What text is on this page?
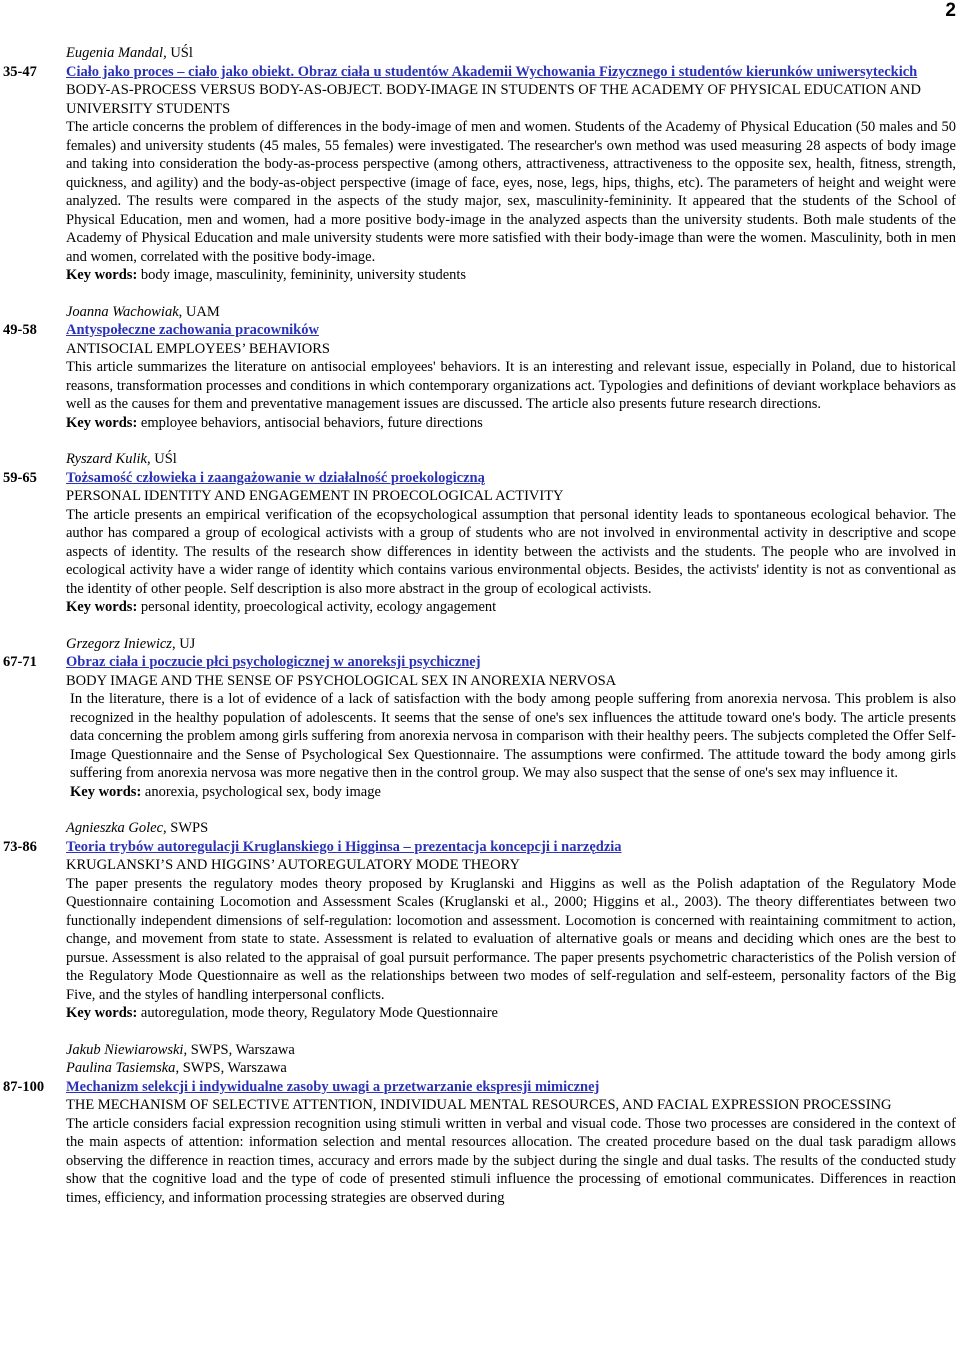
2
Eugenia Mandal, UŚl
35-47 Ciało jako proces – ciało jako obiekt. Obraz ciała u studentów Akademii Wychowania Fizycznego i studentów kierunków uniwersyteckich
BODY-AS-PROCESS VERSUS BODY-AS-OBJECT. BODY-IMAGE IN STUDENTS OF THE ACADEMY OF PHYSICAL EDUCATION AND UNIVERSITY STUDENTS

The article concerns the problem of differences in the body-image of men and women. Students of the Academy of Physical Education (50 males and 50 females) and university students (45 males, 55 females) were investigated. The researcher's own method was used measuring 28 aspects of body image and taking into consideration the body-as-process perspective (among others, attractiveness, attractiveness to the opposite sex, health, fitness, strength, quickness, and agility) and the body-as-object perspective (image of face, eyes, nose, legs, hips, thighs, etc). The parameters of height and weight were analyzed. The results were compared in the aspects of the study major, sex, masculinity-femininity. It appeared that the students of the School of Physical Education, men and women, had a more positive body-image in the analyzed aspects than the university students. Both male students of the Academy of Physical Education and male university students were more satisfied with their body-image than were the women. Masculinity, both in men and women, correlated with the positive body-image.

Key words: body image, masculinity, femininity, university students
Joanna Wachowiak, UAM
49-58 Antyspołeczne zachowania pracowników
ANTISOCIAL EMPLOYEES’ BEHAVIORS

This article summarizes the literature on antisocial employees' behaviors. It is an interesting and relevant issue, especially in Poland, due to historical reasons, transformation processes and conditions in which contemporary organizations act. Typologies and definitions of deviant workplace behaviors as well as the causes for them and preventative management issues are discussed. The article also presents future research directions.

Key words: employee behaviors, antisocial behaviors, future directions
Ryszard Kulik, UŚl
59-65 Tożsamość człowieka i zaangażowanie w działalność proekologiczną
PERSONAL IDENTITY AND ENGAGEMENT IN PROECOLOGICAL ACTIVITY

The article presents an empirical verification of the ecopsychological assumption that personal identity leads to spontaneous ecological behavior. The author has compared a group of ecological activists with a group of students who are not involved in environmental activity in descriptive and scope aspects of identity. The results of the research show differences in identity between the activists and the students. The people who are involved in ecological activity have a wider range of identity which contains various environmental objects. Besides, the activists' identity is not as conventional as the identity of other people. Self description is also more abstract in the group of ecological activists.

Key words: personal identity, proecological activity, ecology angagement
Grzegorz Iniewicz, UJ
67-71 Obraz ciała i poczucie płci psychologicznej w anoreksji psychicznej
BODY IMAGE AND THE SENSE OF PSYCHOLOGICAL SEX IN ANOREXIA NERVOSA

In the literature, there is a lot of evidence of a lack of satisfaction with the body among people suffering from anorexia nervosa. This problem is also recognized in the healthy population of adolescents. It seems that the sense of one's sex influences the attitude toward one's body. The article presents data concerning the problem among girls suffering from anorexia nervosa in comparison with their healthy peers. The subjects completed the Offer Self-Image Questionnaire and the Sense of Psychological Sex Questionnaire. The assumptions were confirmed. The attitude toward the body among girls suffering from anorexia nervosa was more negative then in the control group. We may also suspect that the sense of one's sex may influence it.

Key words: anorexia, psychological sex, body image
Agnieszka Golec, SWPS
73-86 Teoria trybów autoregulacji Kruglanskiego i Higginsa – prezentacja koncepcji i narzędzia
KRUGLANSKI’S AND HIGGINS’ AUTOREGULATORY MODE THEORY

The paper presents the regulatory modes theory proposed by Kruglanski and Higgins as well as the Polish adaptation of the Regulatory Mode Questionnaire containing Locomotion and Assessment Scales (Kruglanski et al., 2000; Higgins et al., 2003). The theory differentiates between two functionally independent dimensions of self-regulation: locomotion and assessment. Locomotion is concerned with reaintaining commitment to action, change, and movement from state to state. Assessment is related to evaluation of alternative goals or means and deciding which ones are the best to pursue. Assessment is also related to the appraisal of goal pursuit performance. The paper presents psychometric characteristics of the Polish version of the Regulatory Mode Questionnaire as well as the relationships between two modes of self-regulation and self-esteem, personality factors of the Big Five, and the styles of handling interpersonal conflicts.

Key words: autoregulation, mode theory, Regulatory Mode Questionnaire
Jakub Niewiarowski, SWPS, Warszawa
Paulina Tasiemska, SWPS, Warszawa
87-100 Mechanizm selekcji i indywidualne zasoby uwagi a przetwarzanie ekspresji mimicznej
THE MECHANISM OF SELECTIVE ATTENTION, INDIVIDUAL MENTAL RESOURCES, AND FACIAL EXPRESSION PROCESSING

The article considers facial expression recognition using stimuli written in verbal and visual code. Those two processes are considered in the context of the main aspects of attention: information selection and mental resources allocation. The created procedure based on the dual task paradigm allows observing the difference in reaction times, accuracy and errors made by the subject during the single and dual tasks. The results of the conducted study show that the cognitive load and the type of code of presented stimuli influence the processing of emotional communicates. Differences in reaction times, efficiency, and information processing strategies are observed during
